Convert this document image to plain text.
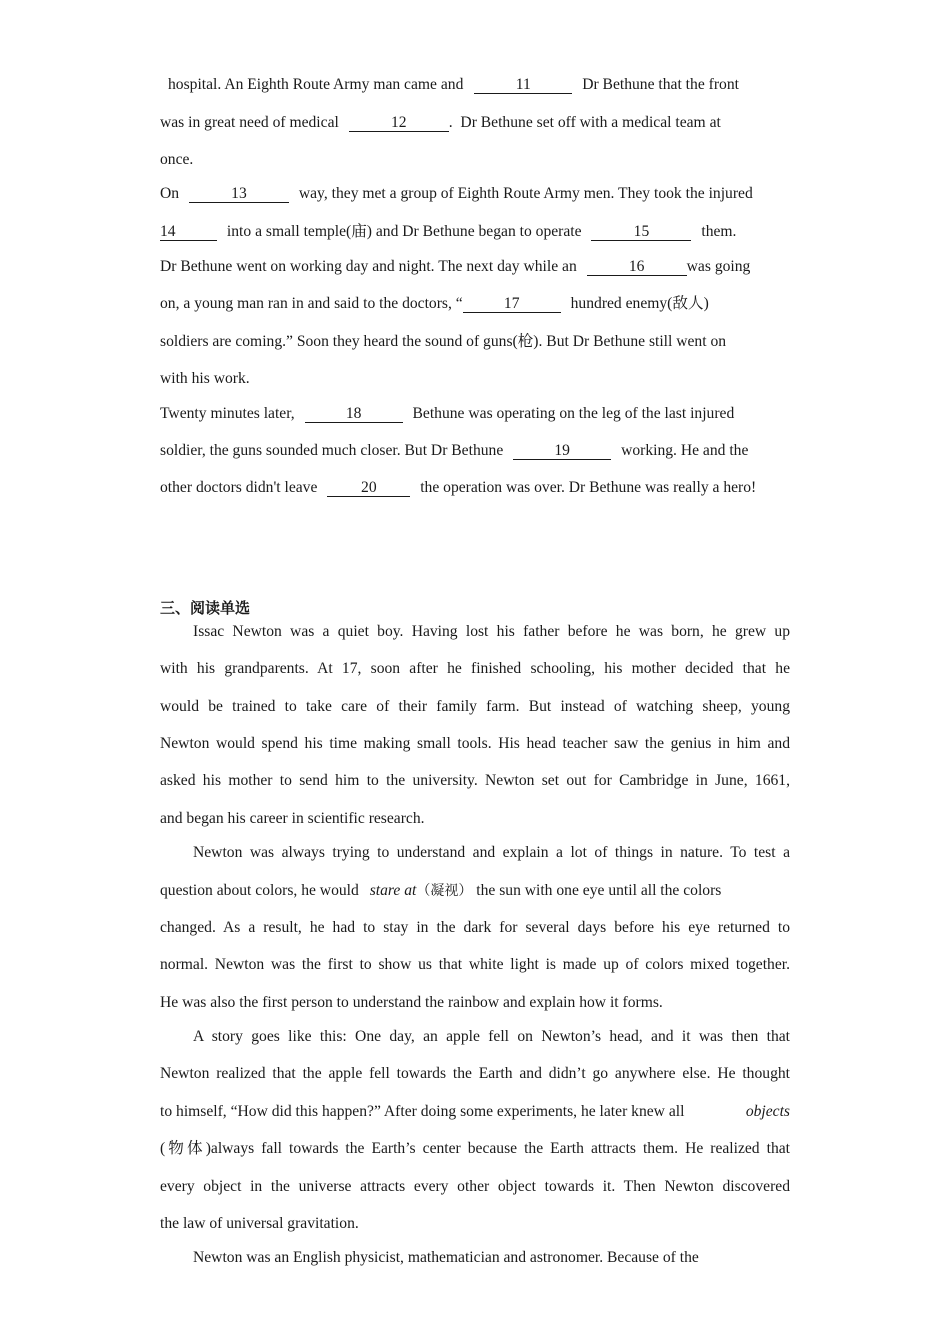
hospital. An Eighth Route Army man came and	11	Dr Bethune that the front
was in great need of medical	12	.  Dr Bethune set off with a medical team at
once.
On	13	way, they met a group of Eighth Route Army men. They took the injured
14	into a small temple(庙) and Dr Bethune began to operate	15	them.
Dr Bethune went on working day and night. The next day while an	16	was going
on, a young man ran in and said to the doctors, “	17	hundred enemy(敌人)
soldiers are coming.” Soon they heard the sound of guns(枪). But Dr Bethune still went on
with his work.
Twenty minutes later,	18	Bethune was operating on the leg of the last injured
soldier, the guns sounded much closer. But Dr Bethune	19	working. He and the
other doctors didn't leave	20	the operation was over. Dr Bethune was really a hero!
三、阅读单选
Issac Newton was a quiet boy. Having lost his father before he was born, he grew up
with his grandparents. At 17, soon after he finished schooling, his mother decided that he
would be trained to take care of their family farm. But instead of watching sheep, young
Newton would spend his time making small tools. His head teacher saw the genius in him and
asked his mother to send him to the university. Newton set out for Cambridge in June, 1661,
and began his career in scientific research.
Newton was always trying to understand and explain a lot of things in nature. To test a
question about colors, he would stare at（凝视） the sun with one eye until all the colors
changed. As a result, he had to stay in the dark for several days before his eye returned to
normal. Newton was the first to show us that white light is made up of colors mixed together.
He was also the first person to understand the rainbow and explain how it forms.
A story goes like this: One day, an apple fell on Newton’s head, and it was then that
Newton realized that the apple fell towards the Earth and didn’t go anywhere else. He thought
to himself, “How did this happen?” After doing some experiments, he later knew all	objects
(物体)always fall towards the Earth’s center because the Earth attracts them. He realized that
every object in the universe attracts every other object towards it. Then Newton discovered
the law of universal gravitation.
Newton was an English physicist, mathematician and astronomer. Because of the
